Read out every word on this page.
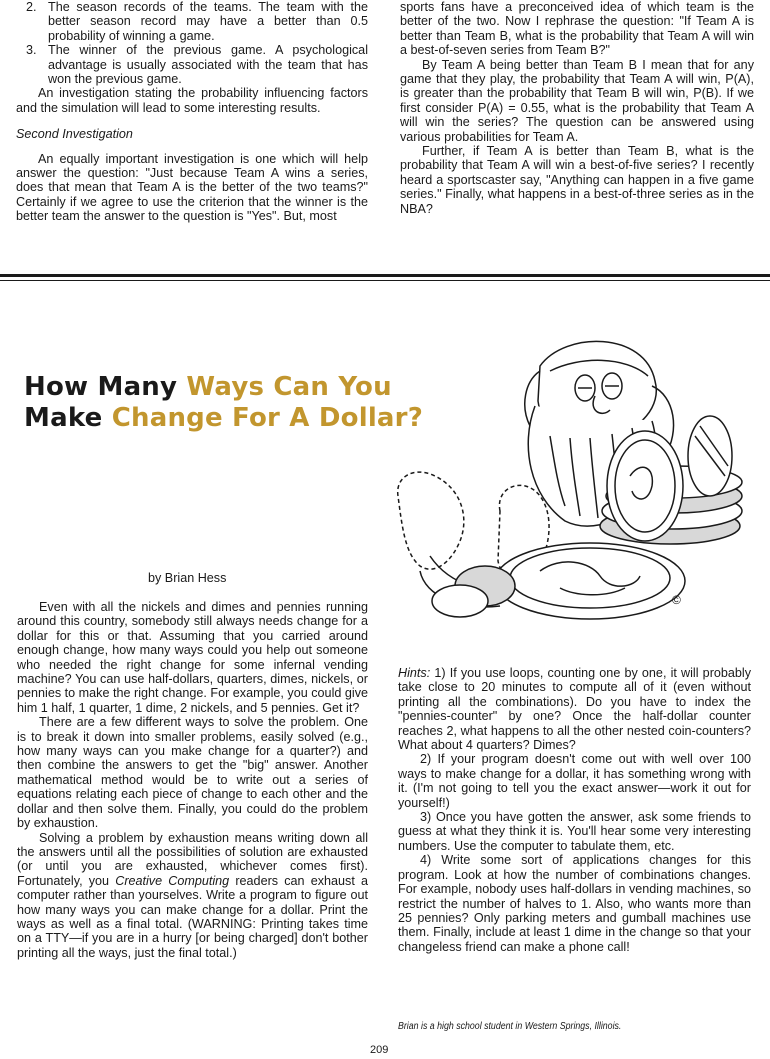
2. The season records of the teams. The team with the better season record may have a better than 0.5 probability of winning a game.
3. The winner of the previous game. A psychological advantage is usually associated with the team that has won the previous game.

An investigation stating the probability influencing factors and the simulation will lead to some interesting results.

Second Investigation

An equally important investigation is one which will help answer the question: "Just because Team A wins a series, does that mean that Team A is the better of the two teams?" Certainly if we agree to use the criterion that the winner is the better team the answer to the question is "Yes". But, most

sports fans have a preconceived idea of which team is the better of the two. Now I rephrase the question: "If Team A is better than Team B, what is the probability that Team A will win a best-of-seven series from Team B?"

By Team A being better than Team B I mean that for any game that they play, the probability that Team A will win, P(A), is greater than the probability that Team B will win, P(B). If we first consider P(A) = 0.55, what is the probability that Team A will win the series? The question can be answered using various probabilities for Team A.

Further, if Team A is better than Team B, what is the probability that Team A will win a best-of-five series? I recently heard a sportscaster say, "Anything can happen in a five game series." Finally, what happens in a best-of-three series as in the NBA?

How Many Ways Can You
Make Change For A Dollar?
©
by Brian Hess

Even with all the nickels and dimes and pennies running around this country, somebody still always needs change for a dollar for this or that. Assuming that you carried around enough change, how many ways could you help out someone who needed the right change for some infernal vending machine? You can use half-dollars, quarters, dimes, nickels, or pennies to make the right change. For example, you could give him 1 half, 1 quarter, 1 dime, 2 nickels, and 5 pennies. Get it?

There are a few different ways to solve the problem. One is to break it down into smaller problems, easily solved (e.g., how many ways can you make change for a quarter?) and then combine the answers to get the "big" answer. Another mathematical method would be to write out a series of equations relating each piece of change to each other and the dollar and then solve them. Finally, you could do the problem by exhaustion.

Solving a problem by exhaustion means writing down all the answers until all the possibilities of solution are exhausted (or until you are exhausted, whichever comes first). Fortunately, you Creative Computing readers can exhaust a computer rather than yourselves. Write a program to figure out how many ways you can make change for a dollar. Print the ways as well as a final total. (WARNING: Printing takes time on a TTY—if you are in a hurry [or being charged] don't bother printing all the ways, just the final total.)

Hints: 1) If you use loops, counting one by one, it will probably take close to 20 minutes to compute all of it (even without printing all the combinations). Do you have to index the "pennies-counter" by one? Once the half-dollar counter reaches 2, what happens to all the other nested coin-counters? What about 4 quarters? Dimes?

2) If your program doesn't come out with well over 100 ways to make change for a dollar, it has something wrong with it. (I'm not going to tell you the exact answer—work it out for yourself!)

3) Once you have gotten the answer, ask some friends to guess at what they think it is. You'll hear some very interesting numbers. Use the computer to tabulate them, etc.

4) Write some sort of applications changes for this program. Look at how the number of combinations changes. For example, nobody uses half-dollars in vending machines, so restrict the number of halves to 1. Also, who wants more than 25 pennies? Only parking meters and gumball machines use them. Finally, include at least 1 dime in the change so that your changeless friend can make a phone call!

Brian is a high school student in Western Springs, Illinois.
209
